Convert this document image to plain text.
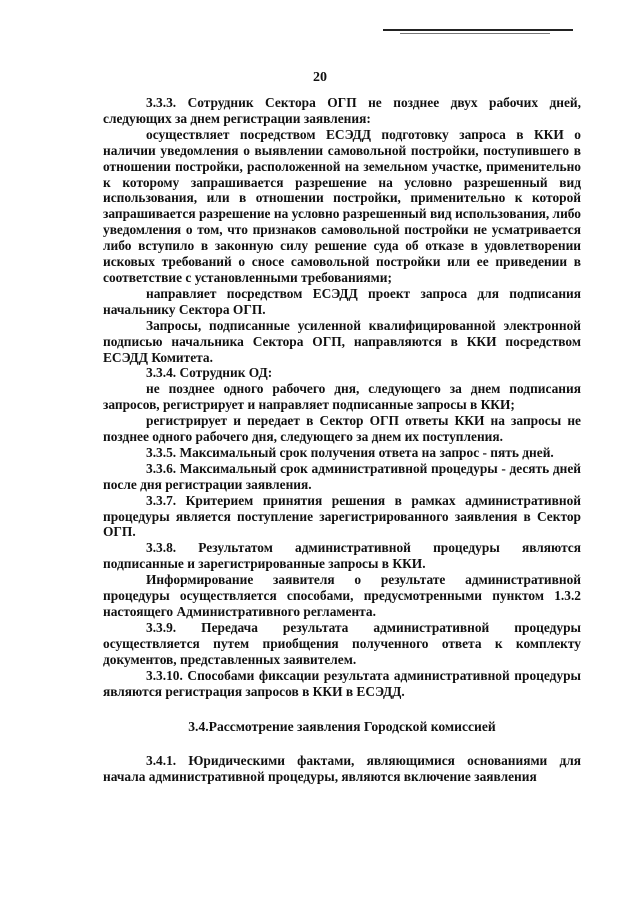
20

3.3.3. Сотрудник Сектора ОГП не позднее двух рабочих дней, следующих за днем регистрации заявления:

осуществляет посредством ЕСЭДД подготовку запроса в ККИ о наличии уведомления о выявлении самовольной постройки, поступившего в отношении постройки, расположенной на земельном участке, применительно к которому запрашивается разрешение на условно разрешенный вид использования, или в отношении постройки, применительно к которой запрашивается разрешение на условно разрешенный вид использования, либо уведомления о том, что признаков самовольной постройки не усматривается либо вступило в законную силу решение суда об отказе в удовлетворении исковых требований о сносе самовольной постройки или ее приведении в соответствие с установленными требованиями;

направляет посредством ЕСЭДД проект запроса для подписания начальнику Сектора ОГП.

Запросы, подписанные усиленной квалифицированной электронной подписью начальника Сектора ОГП, направляются в ККИ посредством ЕСЭДД Комитета.

3.3.4. Сотрудник ОД:

не позднее одного рабочего дня, следующего за днем подписания запросов, регистрирует и направляет подписанные запросы в ККИ;

регистрирует и передает в Сектор ОГП ответы ККИ на запросы не позднее одного рабочего дня, следующего за днем их поступления.

3.3.5. Максимальный срок получения ответа на запрос - пять дней.

3.3.6. Максимальный срок административной процедуры - десять дней после дня регистрации заявления.

3.3.7. Критерием принятия решения в рамках административной процедуры является поступление зарегистрированного заявления в Сектор ОГП.

3.3.8. Результатом административной процедуры являются подписанные и зарегистрированные запросы в ККИ.

Информирование заявителя о результате административной процедуры осуществляется способами, предусмотренными пунктом 1.3.2 настоящего Административного регламента.

3.3.9. Передача результата административной процедуры осуществляется путем приобщения полученного ответа к комплекту документов, представленных заявителем.

3.3.10. Способами фиксации результата административной процедуры являются регистрация запросов в ККИ в ЕСЭДД.

3.4.Рассмотрение заявления Городской комиссией

3.4.1. Юридическими фактами, являющимися основаниями для начала административной процедуры, являются включение заявления
